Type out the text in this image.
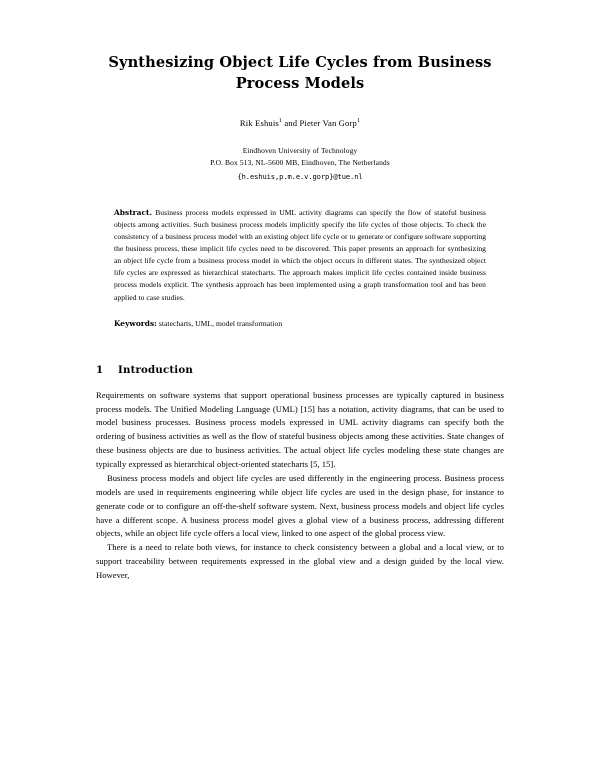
Synthesizing Object Life Cycles from Business
Process Models
Rik Eshuis$^1$ and Pieter Van Gorp$^1$
Eindhoven University of Technology
P.O. Box 513, NL-5600 MB, Eindhoven, The Netherlands
{h.eshuis,p.m.e.v.gorp}@tue.nl
Abstract. Business process models expressed in UML activity diagrams can specify the flow of stateful business objects among activities. Such business process models implicitly specify the life cycles of those objects. To check the consistency of a business process model with an existing object life cycle or to generate or configure software supporting the business process, these implicit life cycles need to be discovered. This paper presents an approach for synthesizing an object life cycle from a business process model in which the object occurs in different states. The synthesized object life cycles are expressed as hierarchical statecharts. The approach makes implicit life cycles contained inside business process models explicit. The synthesis approach has been implemented using a graph transformation tool and has been applied to case studies.
Keywords: statecharts, UML, model transformation
1 Introduction

Requirements on software systems that support operational business processes are typically captured in business process models. The Unified Modeling Language (UML) [15] has a notation, activity diagrams, that can be used to model business processes. Business process models expressed in UML activity diagrams can specify both the ordering of business activities as well as the flow of stateful business objects among these activities. State changes of these business objects are due to business activities. The actual object life cycles modeling these state changes are typically expressed as hierarchical object-oriented statecharts [5, 15].

Business process models and object life cycles are used differently in the engineering process. Business process models are used in requirements engineering while object life cycles are used in the design phase, for instance to generate code or to configure an off-the-shelf software system. Next, business process models and object life cycles have a different scope. A business process model gives a global view of a business process, addressing different objects, while an object life cycle offers a local view, linked to one aspect of the global process view.

There is a need to relate both views, for instance to check consistency between a global and a local view, or to support traceability between requirements expressed in the global view and a design guided by the local view. However,
